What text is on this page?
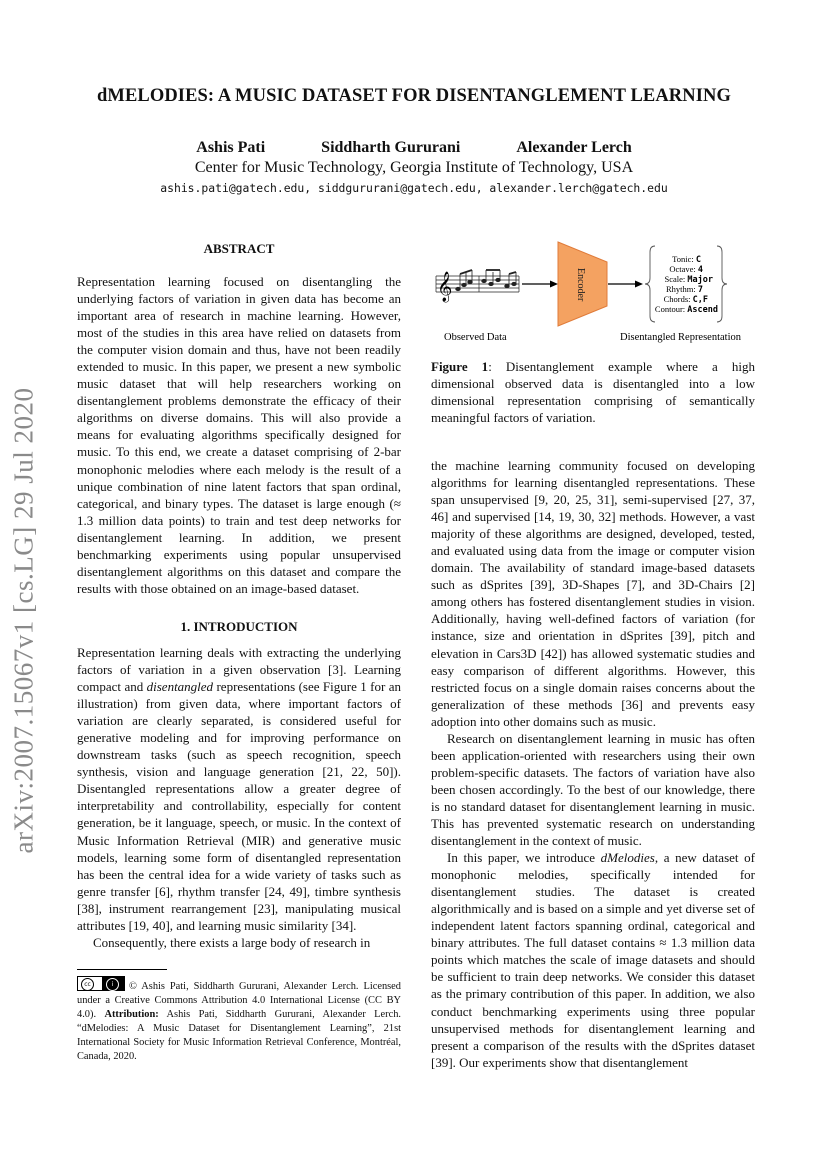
dMELODIES: A MUSIC DATASET FOR DISENTANGLEMENT LEARNING
Ashis Pati	Siddharth Gururani	Alexander Lerch
Center for Music Technology, Georgia Institute of Technology, USA
ashis.pati@gatech.edu, siddgururani@gatech.edu, alexander.lerch@gatech.edu
arXiv:2007.15067v1 [cs.LG] 29 Jul 2020
ABSTRACT

Representation learning focused on disentangling the underlying factors of variation in given data has become an important area of research in machine learning. However, most of the studies in this area have relied on datasets from the computer vision domain and thus, have not been readily extended to music. In this paper, we present a new symbolic music dataset that will help researchers working on disentanglement problems demonstrate the efficacy of their algorithms on diverse domains. This will also provide a means for evaluating algorithms specifically designed for music. To this end, we create a dataset comprising of 2-bar monophonic melodies where each melody is the result of a unique combination of nine latent factors that span ordinal, categorical, and binary types. The dataset is large enough (≈ 1.3 million data points) to train and test deep networks for disentanglement learning. In addition, we present benchmarking experiments using popular unsupervised disentanglement algorithms on this dataset and compare the results with those obtained on an image-based dataset.

1. INTRODUCTION

Representation learning deals with extracting the underlying factors of variation in a given observation [3]. Learning compact and disentangled representations (see Figure 1 for an illustration) from given data, where important factors of variation are clearly separated, is considered useful for generative modeling and for improving performance on downstream tasks (such as speech recognition, speech synthesis, vision and language generation [21, 22, 50]). Disentangled representations allow a greater degree of interpretability and controllability, especially for content generation, be it language, speech, or music. In the context of Music Information Retrieval (MIR) and generative music models, learning some form of disentangled representation has been the central idea for a wide variety of tasks such as genre transfer [6], rhythm transfer [24, 49], timbre synthesis [38], instrument rearrangement [23], manipulating musical attributes [19, 40], and learning music similarity [34].

Consequently, there exists a large body of research in

cc	i	© Ashis Pati, Siddharth Gururani, Alexander Lerch. Licensed under a Creative Commons Attribution 4.0 International License (CC BY 4.0). Attribution: Ashis Pati, Siddharth Gururani, Alexander Lerch. “dMelodies: A Music Dataset for Disentanglement Learning”, 21st International Society for Music Information Retrieval Conference, Montréal, Canada, 2020.
𝄞	Encoder
Tonic: C
Octave: 4
Scale: Major
Rhythm: 7
Chords: C,F
Contour: Ascend
Observed Data	Disentangled Representation
Figure 1: Disentanglement example where a high dimensional observed data is disentangled into a low dimensional representation comprising of semantically meaningful factors of variation.

the machine learning community focused on developing algorithms for learning disentangled representations. These span unsupervised [9, 20, 25, 31], semi-supervised [27, 37, 46] and supervised [14, 19, 30, 32] methods. However, a vast majority of these algorithms are designed, developed, tested, and evaluated using data from the image or computer vision domain. The availability of standard image-based datasets such as dSprites [39], 3D-Shapes [7], and 3D-Chairs [2] among others has fostered disentanglement studies in vision. Additionally, having well-defined factors of variation (for instance, size and orientation in dSprites [39], pitch and elevation in Cars3D [42]) has allowed systematic studies and easy comparison of different algorithms. However, this restricted focus on a single domain raises concerns about the generalization of these methods [36] and prevents easy adoption into other domains such as music.

Research on disentanglement learning in music has often been application-oriented with researchers using their own problem-specific datasets. The factors of variation have also been chosen accordingly. To the best of our knowledge, there is no standard dataset for disentanglement learning in music. This has prevented systematic research on understanding disentanglement in the context of music.

In this paper, we introduce dMelodies, a new dataset of monophonic melodies, specifically intended for disentanglement studies. The dataset is created algorithmically and is based on a simple and yet diverse set of independent latent factors spanning ordinal, categorical and binary attributes. The full dataset contains ≈ 1.3 million data points which matches the scale of image datasets and should be sufficient to train deep networks. We consider this dataset as the primary contribution of this paper. In addition, we also conduct benchmarking experiments using three popular unsupervised methods for disentanglement learning and present a comparison of the results with the dSprites dataset [39]. Our experiments show that disentanglement
